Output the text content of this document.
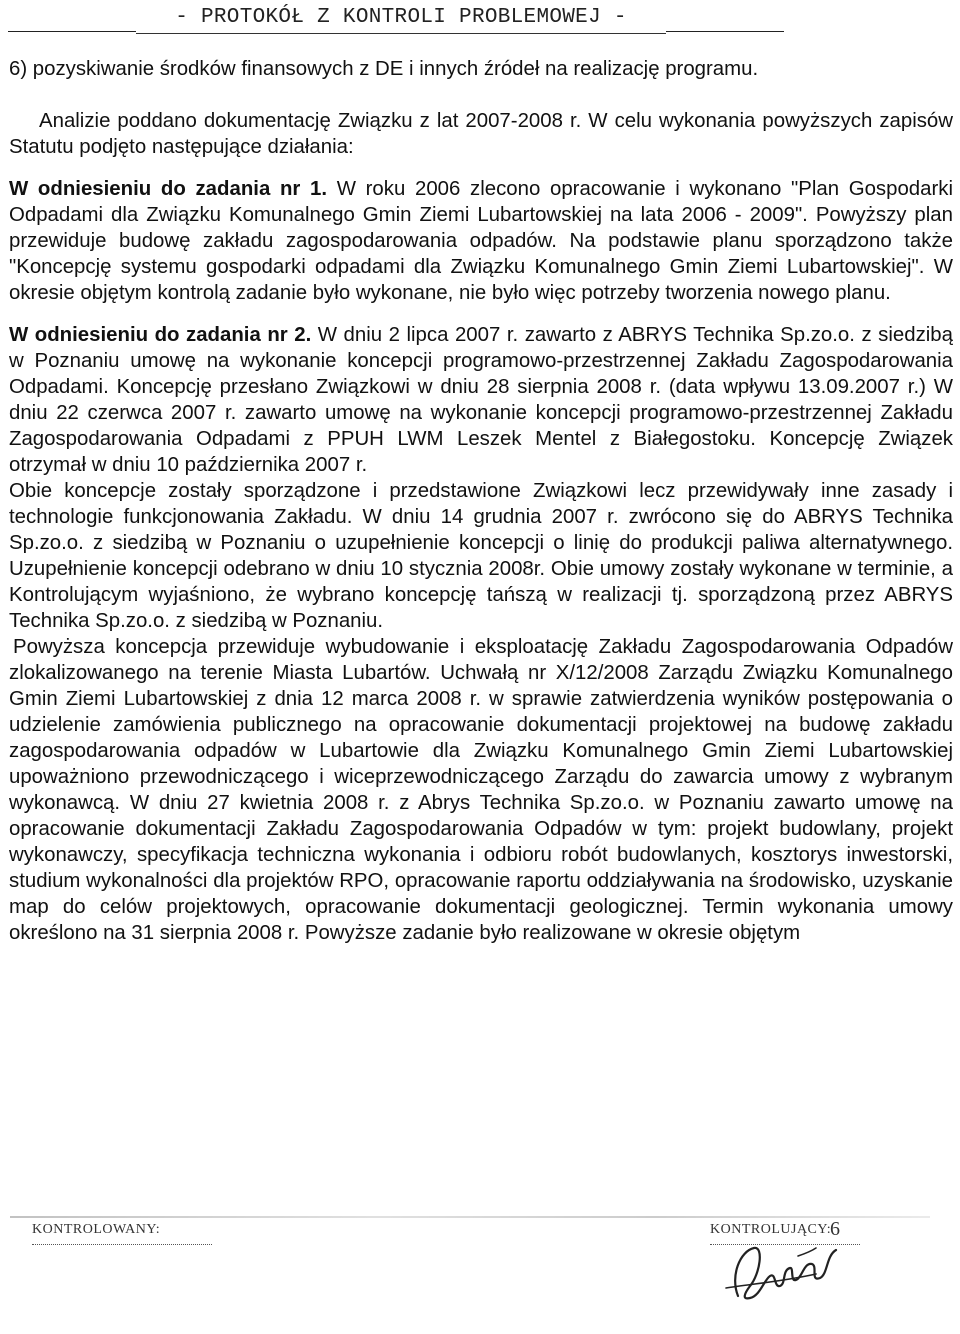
- PROTOKÓŁ Z KONTROLI PROBLEMOWEJ -

6) pozyskiwanie środków finansowych z DE i innych źródeł na realizację programu.

Analizie poddano dokumentację Związku z lat 2007-2008 r. W celu wykonania powyższych zapisów Statutu podjęto następujące działania:

W odniesieniu do zadania nr 1. W roku 2006 zlecono opracowanie i wykonano "Plan Gospodarki Odpadami dla Związku Komunalnego Gmin Ziemi Lubartowskiej na lata 2006 - 2009". Powyższy plan przewiduje budowę zakładu zagospodarowania odpadów. Na podstawie planu sporządzono także "Koncepcję systemu gospodarki odpadami dla Związku Komunalnego Gmin Ziemi Lubartowskiej". W okresie objętym kontrolą zadanie było wykonane, nie było więc potrzeby tworzenia nowego planu.

W odniesieniu do zadania nr 2. W dniu 2 lipca 2007 r. zawarto z ABRYS Technika Sp.zo.o. z siedzibą w Poznaniu umowę na wykonanie koncepcji programowo-przestrzennej Zakładu Zagospodarowania Odpadami. Koncepcję przesłano Związkowi w dniu 28 sierpnia 2008 r. (data wpływu 13.09.2007 r.) W dniu 22 czerwca 2007 r. zawarto umowę na wykonanie koncepcji programowo-przestrzennej Zakładu Zagospodarowania Odpadami z PPUH LWM Leszek Mentel z Białegostoku. Koncepcję Związek otrzymał w dniu 10 października 2007 r.

Obie koncepcje zostały sporządzone i przedstawione Związkowi lecz przewidywały inne zasady i technologie funkcjonowania Zakładu. W dniu 14 grudnia 2007 r. zwrócono się do ABRYS Technika Sp.zo.o. z siedzibą w Poznaniu o uzupełnienie koncepcji o linię do produkcji paliwa alternatywnego. Uzupełnienie koncepcji odebrano w dniu 10 stycznia 2008r. Obie umowy zostały wykonane w terminie, a Kontrolującym wyjaśniono, że wybrano koncepcję tańszą w realizacji tj. sporządzoną przez ABRYS Technika Sp.zo.o. z siedzibą w Poznaniu.

Powyższa koncepcja przewiduje wybudowanie i eksploatację Zakładu Zagospodarowania Odpadów zlokalizowanego na terenie Miasta Lubartów. Uchwałą nr X/12/2008 Zarządu Związku Komunalnego Gmin Ziemi Lubartowskiej z dnia 12 marca 2008 r. w sprawie zatwierdzenia wyników postępowania o udzielenie zamówienia publicznego na opracowanie dokumentacji projektowej na budowę zakładu zagospodarowania odpadów w Lubartowie dla Związku Komunalnego Gmin Ziemi Lubartowskiej upoważniono przewodniczącego i wiceprzewodniczącego Zarządu do zawarcia umowy z wybranym wykonawcą. W dniu 27 kwietnia 2008 r. z Abrys Technika Sp.zo.o. w Poznaniu zawarto umowę na opracowanie dokumentacji Zakładu Zagospodarowania Odpadów w tym: projekt budowlany, projekt wykonawczy, specyfikacja techniczna wykonania i odbioru robót budowlanych, kosztorys inwestorski, studium wykonalności dla projektów RPO, opracowanie raportu oddziaływania na środowisko, uzyskanie map do celów projektowych, opracowanie dokumentacji geologicznej. Termin wykonania umowy określono na 31 sierpnia 2008 r. Powyższe zadanie było realizowane w okresie objętym

KONTROLOWANY:	KONTROLUJĄCY:
6
